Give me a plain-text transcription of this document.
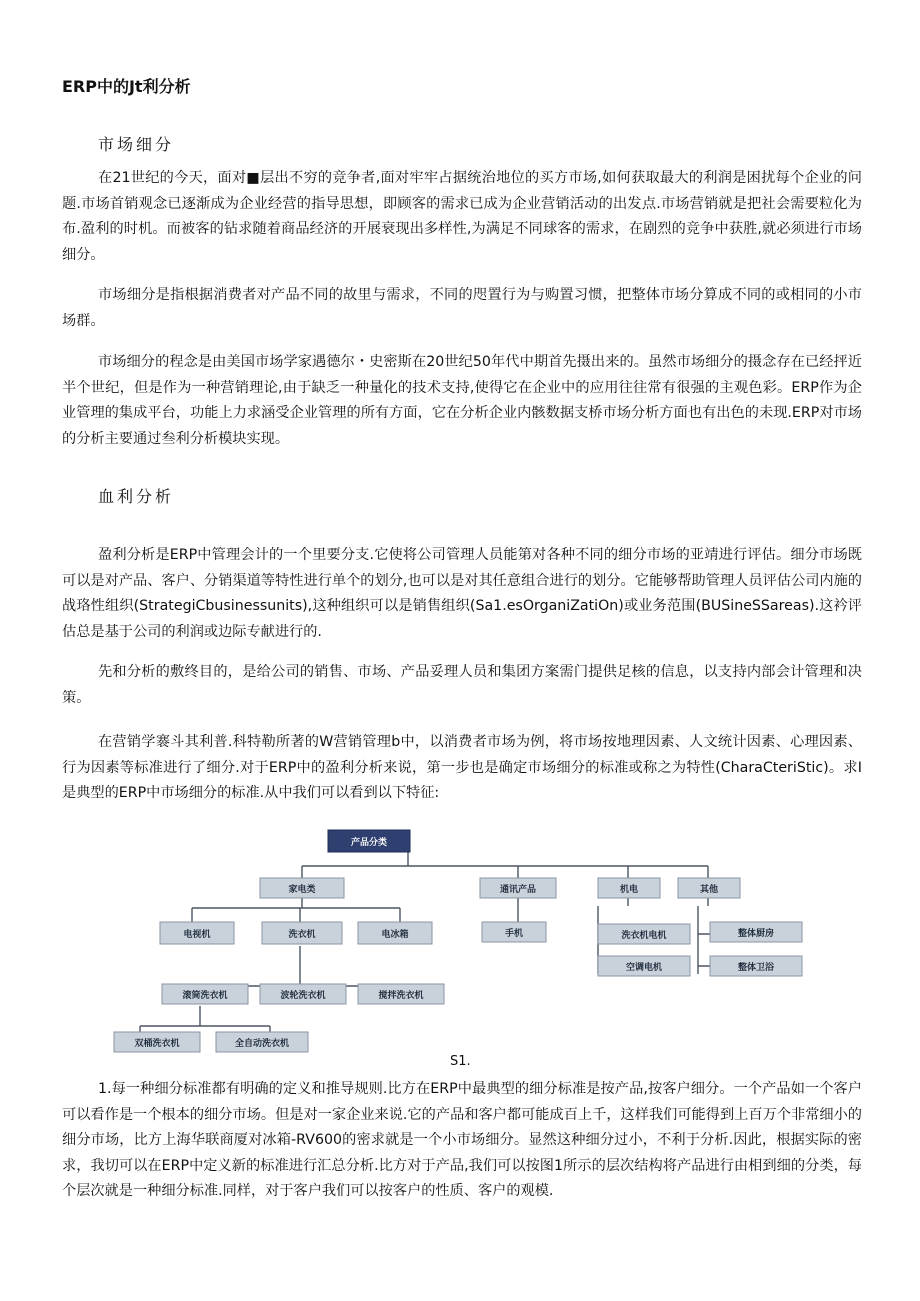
ERP中的Jt利分析
市场细分

在21世纪的今天，面对■层出不穷的竞争者,面对牢牢占据统治地位的买方市场,如何获取最大的利润是困扰每个企业的问题.市场首销观念已逐渐成为企业经营的指导思想，即顾客的需求已成为企业营销活动的出发点.市场营销就是把社会需要粒化为布.盈利的时机。而被客的钻求随着商品经济的开展衰现出多样性,为满足不同球客的需求，在剧烈的竞争中获胜,就必须进行市场细分。

市场细分是指根据消费者对产品不同的故里与需求，不同的咫置行为与购置习惯，把整体市场分算成不同的或相同的小市场群。

市场细分的程念是由美国市场学家遇德尔・史密斯在20世纪50年代中期首先摄出来的。虽然市场细分的摄念存在已经抨近半个世纪，但是作为一种营销理论,由于缺乏一种量化的技术支持,使得它在企业中的应用往往常有很强的主观色彩。ERP作为企业管理的集成平台，功能上力求涵受企业管理的所有方面，它在分析企业内骸数据支桥市场分析方面也有出色的未现.ERP对市场的分析主要通过叁利分析模块实现。

血利分析

盈利分析是ERP中管理会计的一个里要分支.它使将公司管理人员能第对各种不同的细分市场的亚靖进行评估。细分市场既可以是对产品、客户、分销渠道等特性进行单个的划分,也可以是对其任意组合进行的划分。它能够帮助管理人员评估公司内施的战珞性组织(StrategiCbusinessunits),这种组织可以是销售组织(Sa1.esOrganiZatiOn)或业务范围(BUSineSSareas).这衿评估总是基于公司的利润或边际专献进行的.

先和分析的敷终目的，是给公司的销售、市场、产品妥理人员和集团方案需门提供足核的信息，以支持内部会计管理和决策。

在营销学褰斗其利普.科特勒所著的W营销管理b中，以消费者市场为例，将市场按地理因素、人文统计因素、心理因素、行为因素等标准进行了细分.对于ERP中的盈利分析来说，第一步也是确定市场细分的标准或称之为特性(CharaCteriStic)。求I是典型的ERP中市场细分的标准.从中我们可以看到以下特征:

产品分类
家电类	通讯产品	机电	其他
电视机	洗衣机	电冰箱	手机	洗衣机电机
空调电机
整体厨房
整体卫浴
滚筒洗衣机	波轮洗衣机	搅拌洗衣机
双桶洗衣机	全自动洗衣机
S1.

1.每一种细分标准都有明确的定义和推导规则.比方在ERP中最典型的细分标准是按产品,按客户细分。一个产品如一个客户可以看作是一个根本的细分市场。但是对一家企业来说.它的产品和客户都可能成百上千，这样我们可能得到上百万个非常细小的细分市场，比方上海华联商厦对冰箱-RV600的密求就是一个小市场细分。显然这种细分过小，不利于分析.因此，根据实际的密求，我切可以在ERP中定义新的标准进行汇总分析.比方对于产品,我们可以按图1所示的层次结构将产品进行由相到细的分类，每个层次就是一种细分标准.同样，对于客户我们可以按客户的性质、客户的观模.
